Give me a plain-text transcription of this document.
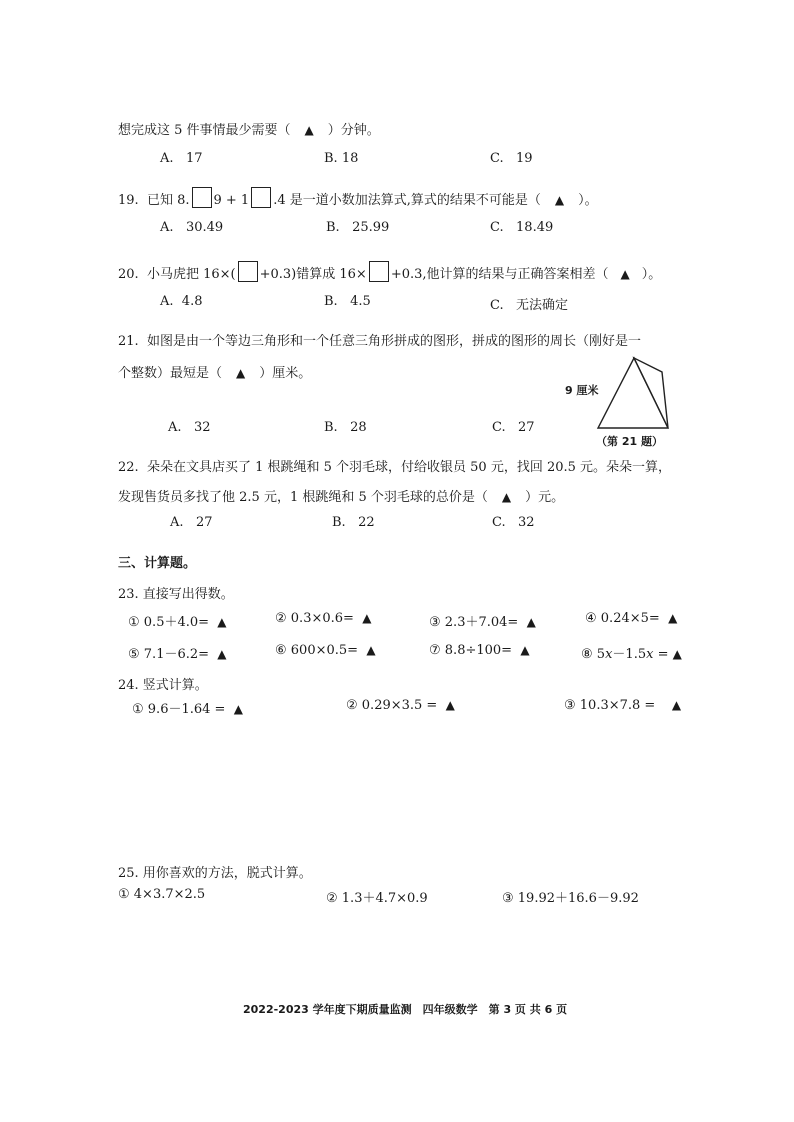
想完成这 5 件事情最少需要（ ▲ ）分钟。
A. 17	B. 18	C. 19
19. 已知 8. 9 + 1 .4 是一道小数加法算式,算式的结果不可能是（ ▲ ）。
A. 30.49	B. 25.99	C. 18.49
20. 小马虎把 16×( +0.3)错算成 16× +0.3,他计算的结果与正确答案相差（ ▲ ）。
A. 4.8	B. 4.5	C. 无法确定
21. 如图是由一个等边三角形和一个任意三角形拼成的图形，拼成的图形的周长（刚好是一
个整数）最短是（ ▲ ）厘米。
9 厘米
（第 21 题）
A. 32	B. 28	C. 27
22. 朵朵在文具店买了 1 根跳绳和 5 个羽毛球，付给收银员 50 元，找回 20.5 元。朵朵一算，
发现售货员多找了他 2.5 元，1 根跳绳和 5 个羽毛球的总价是（ ▲ ）元。
A. 27	B. 22	C. 32
三、计算题。
23. 直接写出得数。
① 0.5＋4.0= ▲	② 0.3×0.6= ▲	③ 2.3＋7.04= ▲	④ 0.24×5= ▲
⑤ 7.1－6.2= ▲	⑥ 600×0.5= ▲	⑦ 8.8÷100= ▲	⑧ 5x－1.5x = ▲
24. 竖式计算。
① 9.6－1.64 = ▲	② 0.29×3.5 = ▲	③ 10.3×7.8 = ▲
25. 用你喜欢的方法，脱式计算。
① 4×3.7×2.5	② 1.3＋4.7×0.9	③ 19.92＋16.6－9.92
2022-2023 学年度下期质量监测　四年级数学　第 3 页 共 6 页
